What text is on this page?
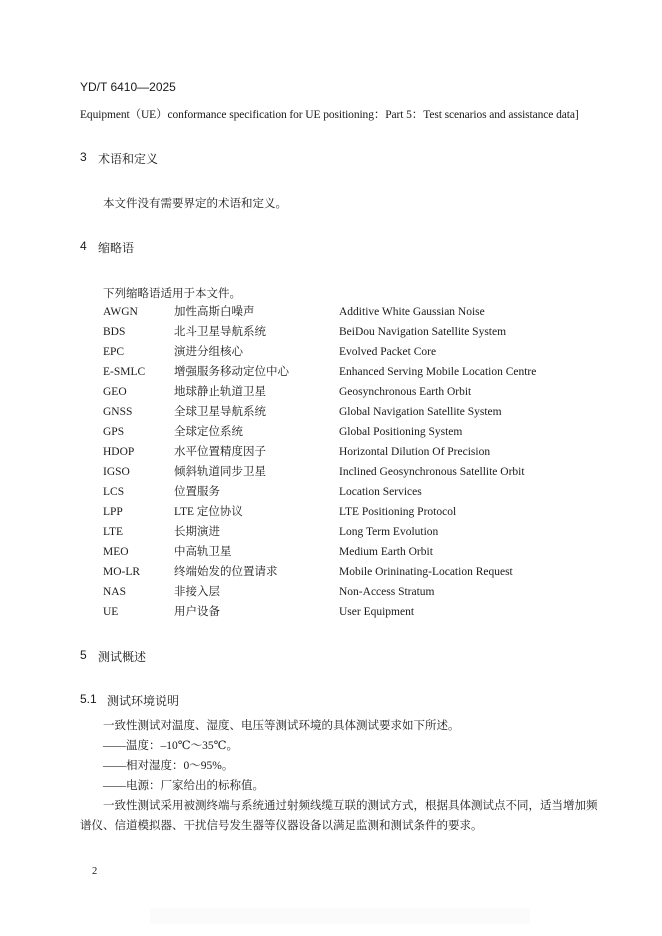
YD/T 6410—2025
Equipment（UE）conformance specification for UE positioning：Part 5：Test scenarios and assistance data]
3 术语和定义
本文件没有需要界定的术语和定义。
4 缩略语
下列缩略语适用于本文件。
AWGN	加性高斯白噪声	Additive White Gaussian Noise
BDS	北斗卫星导航系统	BeiDou Navigation Satellite System
EPC	演进分组核心	Evolved Packet Core
E-SMLC	增强服务移动定位中心	Enhanced Serving Mobile Location Centre
GEO	地球静止轨道卫星	Geosynchronous Earth Orbit
GNSS	全球卫星导航系统	Global Navigation Satellite System
GPS	全球定位系统	Global Positioning System
HDOP	水平位置精度因子	Horizontal Dilution Of Precision
IGSO	倾斜轨道同步卫星	Inclined Geosynchronous Satellite Orbit
LCS	位置服务	Location Services
LPP	LTE 定位协议	LTE Positioning Protocol
LTE	长期演进	Long Term Evolution
MEO	中高轨卫星	Medium Earth Orbit
MO-LR	终端始发的位置请求	Mobile Orininating-Location Request
NAS	非接入层	Non-Access Stratum
UE	用户设备	User Equipment
5 测试概述
5.1 测试环境说明
一致性测试对温度、湿度、电压等测试环境的具体测试要求如下所述。
——温度：–10℃～35℃。
——相对湿度：0～95%。
——电源：厂家给出的标称值。
一致性测试采用被测终端与系统通过射频线缆互联的测试方式，根据具体测试点不同，适当增加频
谱仪、信道模拟器、干扰信号发生器等仪器设备以满足监测和测试条件的要求。
2
